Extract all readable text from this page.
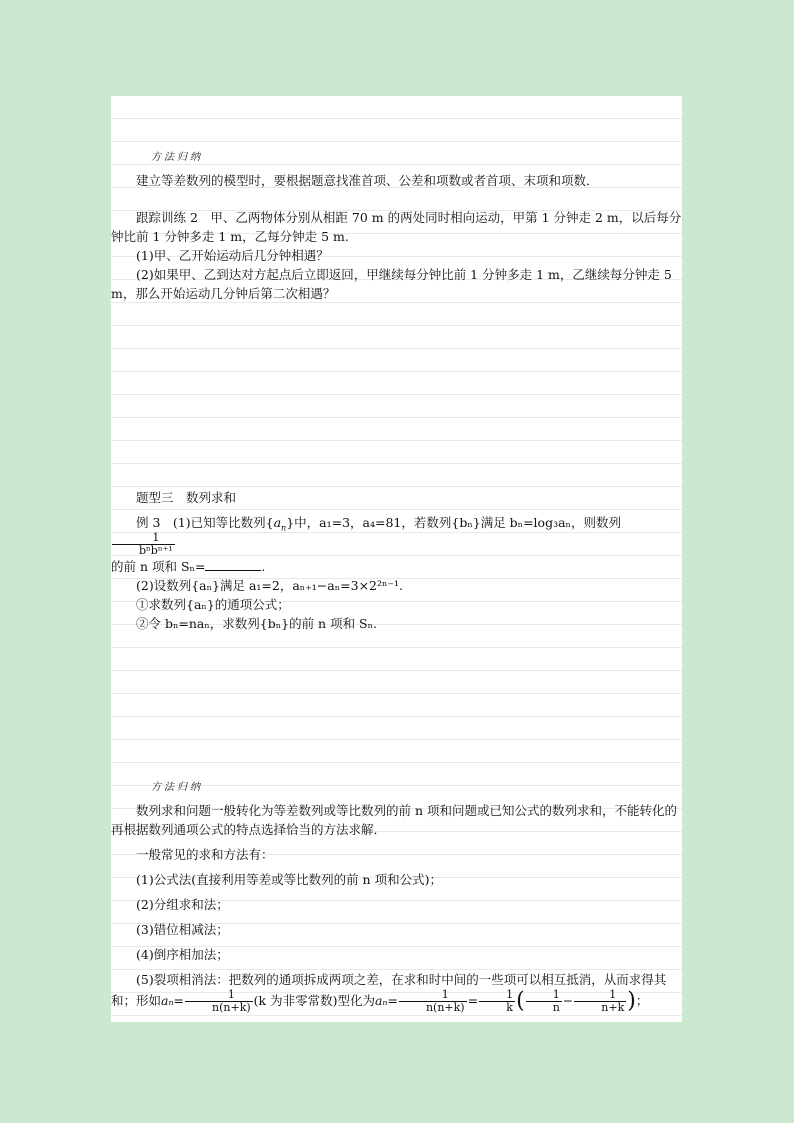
方法归纳

建立等差数列的模型时，要根据题意找准首项、公差和项数或者首项、末项和项数．

跟踪训练 2　甲、乙两物体分别从相距 70 m 的两处同时相向运动，甲第 1 分钟走 2 m，以后每分钟比前 1 分钟多走 1 m，乙每分钟走 5 m.

(1)甲、乙开始运动后几分钟相遇？

(2)如果甲、乙到达对方起点后立即返回，甲继续每分钟比前 1 分钟多走 1 m，乙继续每分钟走 5 m，那么开始运动几分钟后第二次相遇？

题型三　数列求和

例 3　(1)已知等比数列$\{a_n\}$中，a₁=3，a₄=81，若数列{bₙ}满足 bₙ=log₃aₙ，则数列
$\frac{1}{\text{bⁿbⁿ⁺¹}}$

的前 n 项和 Sₙ=	.

(2)设数列{aₙ}满足 a₁=2，aₙ₊₁−aₙ=3×2²ⁿ⁻¹.

①求数列{aₙ}的通项公式；

②令 bₙ=naₙ，求数列{bₙ}的前 n 项和 Sₙ.

方法归纳

数列求和问题一般转化为等差数列或等比数列的前 n 项和问题或已知公式的数列求和，不能转化的再根据数列通项公式的特点选择恰当的方法求解．

一般常见的求和方法有：

(1)公式法(直接利用等差或等比数列的前 n 项和公式)；

(2)分组求和法；

(3)错位相减法；

(4)倒序相加法；

(5)裂项相消法：把数列的通项拆成两项之差，在求和时中间的一些项可以相互抵消，从而求得其和；形如$a_n= \frac{1}{n(n+k)} (k$ 为非零常数)型化为$a_n= \frac{1}{n(n+k)} = \frac{1}{k}$ ( $\frac{1}{n} - \frac{1}{n+k}$ )；
